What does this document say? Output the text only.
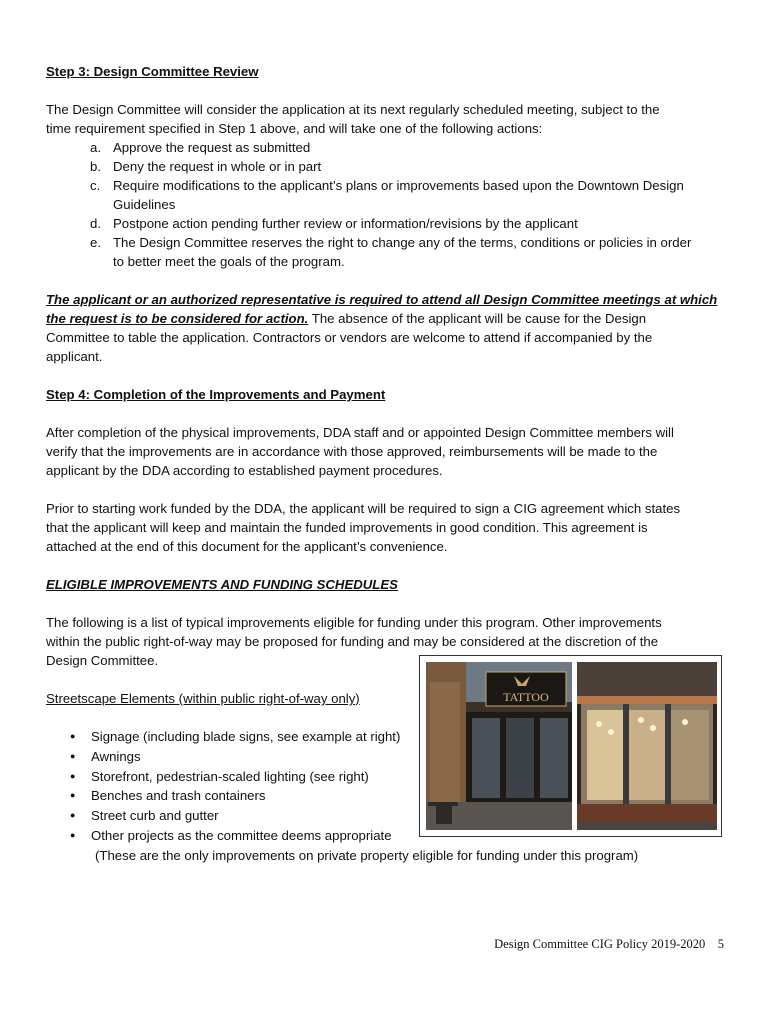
Step 3: Design Committee Review
The Design Committee will consider the application at its next regularly scheduled meeting, subject to the
time requirement specified in Step 1 above, and will take one of the following actions:
a. Approve the request as submitted
b. Deny the request in whole or in part
c. Require modifications to the applicant’s plans or improvements based upon the Downtown Design
Guidelines
d. Postpone action pending further review or information/revisions by the applicant
e. The Design Committee reserves the right to change any of the terms, conditions or policies in order
to better meet the goals of the program.
The applicant or an authorized representative is required to attend all Design Committee meetings at which
the request is to be considered for action. The absence of the applicant will be cause for the Design
Committee to table the application. Contractors or vendors are welcome to attend if accompanied by the
applicant.
Step 4: Completion of the Improvements and Payment
After completion of the physical improvements, DDA staff and or appointed Design Committee members will
verify that the improvements are in accordance with those approved, reimbursements will be made to the
applicant by the DDA according to established payment procedures.
Prior to starting work funded by the DDA, the applicant will be required to sign a CIG agreement which states
that the applicant will keep and maintain the funded improvements in good condition. This agreement is
attached at the end of this document for the applicant’s convenience.
ELIGIBLE IMPROVEMENTS AND FUNDING SCHEDULES
The following is a list of typical improvements eligible for funding under this program. Other improvements
within the public right-of-way may be proposed for funding and may be considered at the discretion of the
Design Committee.
Streetscape Elements (within public right-of-way only)
● Signage (including blade signs, see example at right)
● Awnings
● Storefront, pedestrian-scaled lighting (see right)
● Benches and trash containers
● Street curb and gutter
● Other projects as the committee deems appropriate
(These are the only improvements on private property eligible for funding under this program)
TATTOO
Design Committee CIG Policy 2019-2020 5
